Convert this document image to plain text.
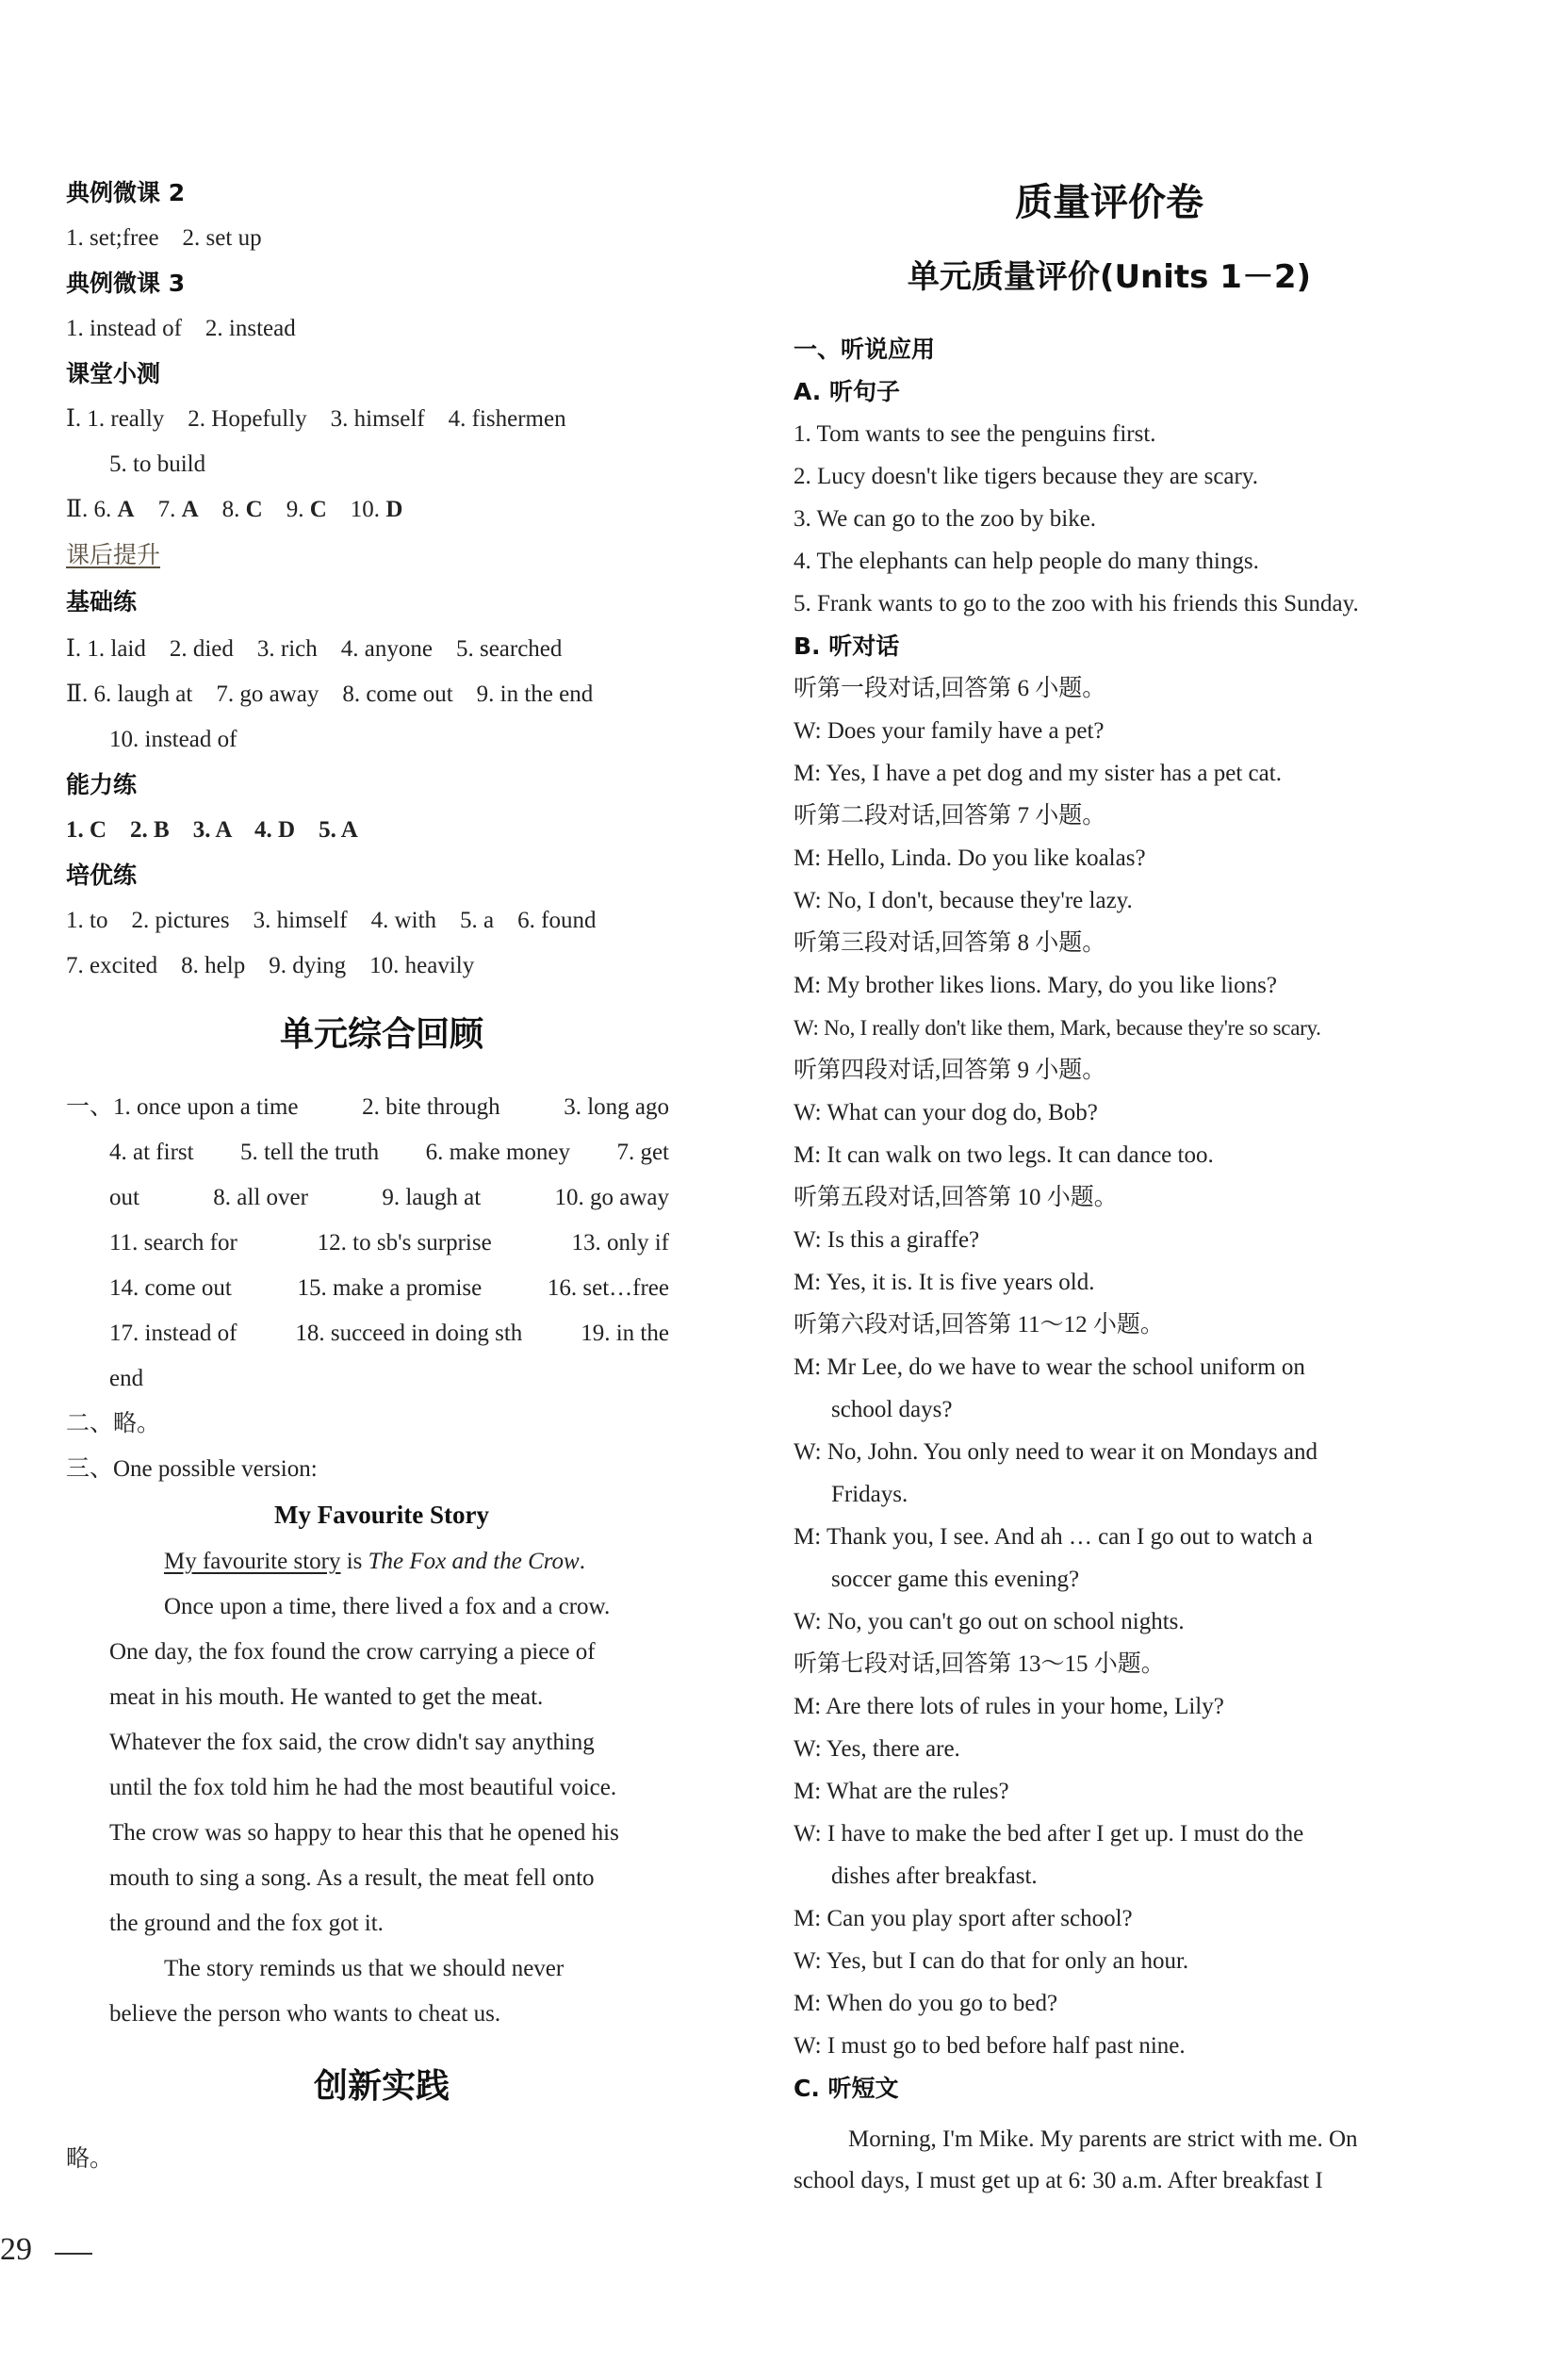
典例微课 2
1. set;free　2. set up
典例微课 3
1. instead of　2. instead
课堂小测
Ⅰ. 1. really　2. Hopefully　3. himself　4. fishermen
5. to build
Ⅱ. 6. A　7. A　8. C　9. C　10. D
课后提升
基础练
Ⅰ. 1. laid　2. died　3. rich　4. anyone　5. searched
Ⅱ. 6. laugh at　7. go away　8. come out　9. in the end
10. instead of
能力练
1. C　2. B　3. A　4. D　5. A
培优练
1. to　2. pictures　3. himself　4. with　5. a　6. found
7. excited　8. help　9. dying　10. heavily
单元综合回顾
一、1. once upon a time	2. bite through	3. long ago
4. at first 5. tell the truth 6. make money 7. get
out	8. all over	9. laugh at	10. go away
11. search for	12. to sb's surprise	13. only if
14. come out	15. make a promise	16. set…free
17. instead of 18. succeed in doing sth 19. in the
end
二、略。
三、One possible version:
My Favourite Story
My favourite story is The Fox and the Crow.
Once upon a time, there lived a fox and a crow.
One day, the fox found the crow carrying a piece of
meat in his mouth. He wanted to get the meat.
Whatever the fox said, the crow didn't say anything
until the fox told him he had the most beautiful voice.
The crow was so happy to hear this that he opened his
mouth to sing a song. As a result, the meat fell onto
the ground and the fox got it.
The story reminds us that we should never
believe the person who wants to cheat us.
创新实践
略。
质量评价卷
单元质量评价(Units 1－2)
一、听说应用
A. 听句子
1. Tom wants to see the penguins first.
2. Lucy doesn't like tigers because they are scary.
3. We can go to the zoo by bike.
4. The elephants can help people do many things.
5. Frank wants to go to the zoo with his friends this Sunday.
B. 听对话
听第一段对话,回答第 6 小题。
W: Does your family have a pet?
M: Yes, I have a pet dog and my sister has a pet cat.
听第二段对话,回答第 7 小题。
M: Hello, Linda. Do you like koalas?
W: No, I don't, because they're lazy.
听第三段对话,回答第 8 小题。
M: My brother likes lions. Mary, do you like lions?
W: No, I really don't like them, Mark, because they're so scary.
听第四段对话,回答第 9 小题。
W: What can your dog do, Bob?
M: It can walk on two legs. It can dance too.
听第五段对话,回答第 10 小题。
W: Is this a giraffe?
M: Yes, it is. It is five years old.
听第六段对话,回答第 11～12 小题。
M: Mr Lee, do we have to wear the school uniform on
school days?
W: No, John. You only need to wear it on Mondays and
Fridays.
M: Thank you, I see. And ah … can I go out to watch a
soccer game this evening?
W: No, you can't go out on school nights.
听第七段对话,回答第 13～15 小题。
M: Are there lots of rules in your home, Lily?
W: Yes, there are.
M: What are the rules?
W: I have to make the bed after I get up. I must do the
dishes after breakfast.
M: Can you play sport after school?
W: Yes, but I can do that for only an hour.
M: When do you go to bed?
W: I must go to bed before half past nine.
C. 听短文
Morning, I'm Mike. My parents are strict with me. On
school days, I must get up at 6: 30 a.m. After breakfast I
29
